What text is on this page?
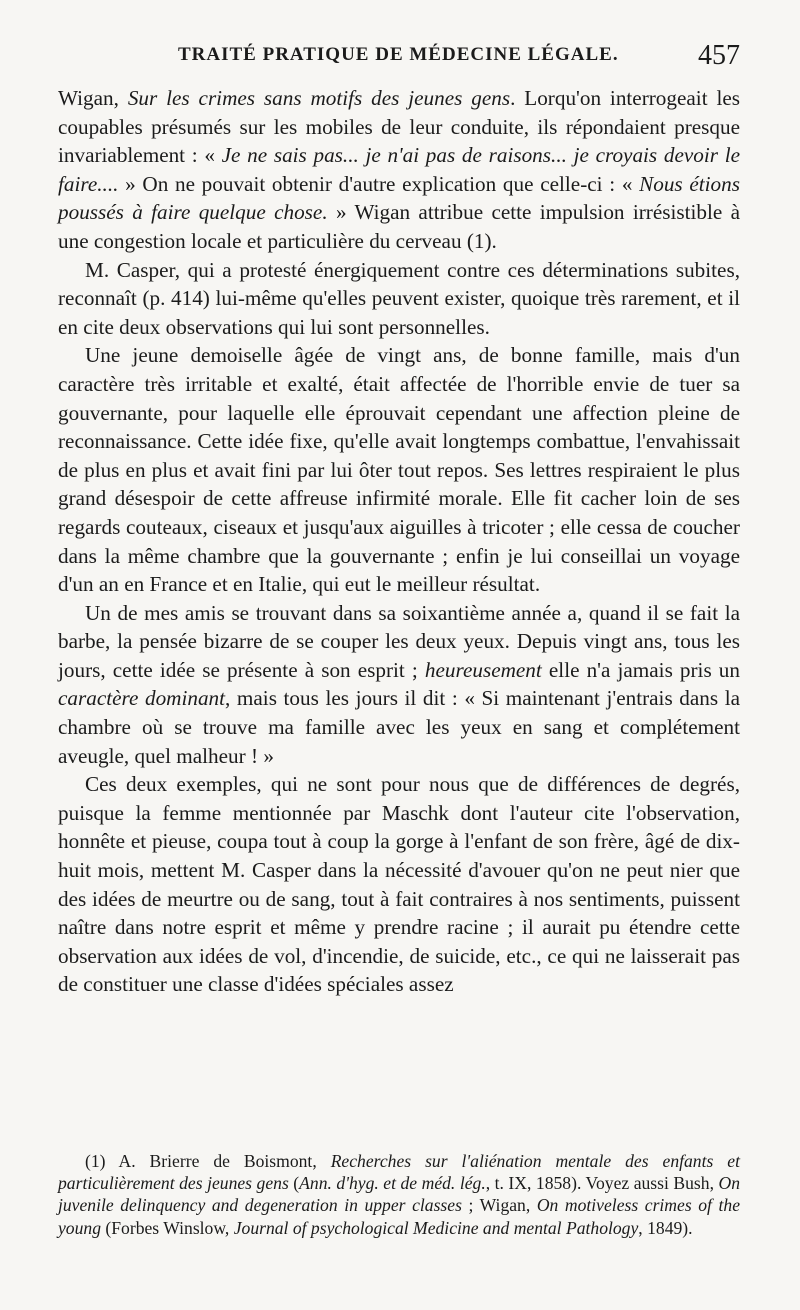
TRAITÉ PRATIQUE DE MÉDECINE LÉGALE.	457

Wigan, Sur les crimes sans motifs des jeunes gens. Lorqu'on interrogeait les coupables présumés sur les mobiles de leur conduite, ils répondaient presque invariablement : « Je ne sais pas... je n'ai pas de raisons... je croyais devoir le faire.... » On ne pouvait obtenir d'autre explication que celle-ci : « Nous étions poussés à faire quelque chose. » Wigan attribue cette impulsion irrésistible à une congestion locale et particulière du cerveau (1).

M. Casper, qui a protesté énergiquement contre ces déterminations subites, reconnaît (p. 414) lui-même qu'elles peuvent exister, quoique très rarement, et il en cite deux observations qui lui sont personnelles.

Une jeune demoiselle âgée de vingt ans, de bonne famille, mais d'un caractère très irritable et exalté, était affectée de l'horrible envie de tuer sa gouvernante, pour laquelle elle éprouvait cependant une affection pleine de reconnaissance. Cette idée fixe, qu'elle avait longtemps combattue, l'envahissait de plus en plus et avait fini par lui ôter tout repos. Ses lettres respiraient le plus grand désespoir de cette affreuse infirmité morale. Elle fit cacher loin de ses regards couteaux, ciseaux et jusqu'aux aiguilles à tricoter ; elle cessa de coucher dans la même chambre que la gouvernante ; enfin je lui conseillai un voyage d'un an en France et en Italie, qui eut le meilleur résultat.

Un de mes amis se trouvant dans sa soixantième année a, quand il se fait la barbe, la pensée bizarre de se couper les deux yeux. Depuis vingt ans, tous les jours, cette idée se présente à son esprit ; heureusement elle n'a jamais pris un caractère dominant, mais tous les jours il dit : « Si maintenant j'entrais dans la chambre où se trouve ma famille avec les yeux en sang et complétement aveugle, quel malheur ! »

Ces deux exemples, qui ne sont pour nous que de différences de degrés, puisque la femme mentionnée par Maschk dont l'auteur cite l'observation, honnête et pieuse, coupa tout à coup la gorge à l'enfant de son frère, âgé de dix-huit mois, mettent M. Casper dans la nécessité d'avouer qu'on ne peut nier que des idées de meurtre ou de sang, tout à fait contraires à nos sentiments, puissent naître dans notre esprit et même y prendre racine ; il aurait pu étendre cette observation aux idées de vol, d'incendie, de suicide, etc., ce qui ne laisserait pas de constituer une classe d'idées spéciales assez

(1) A. Brierre de Boismont, Recherches sur l'aliénation mentale des enfants et particulièrement des jeunes gens (Ann. d'hyg. et de méd. lég., t. IX, 1858). Voyez aussi Bush, On juvenile delinquency and degeneration in upper classes ; Wigan, On motiveless crimes of the young (Forbes Winslow, Journal of psychological Medicine and mental Pathology, 1849).
